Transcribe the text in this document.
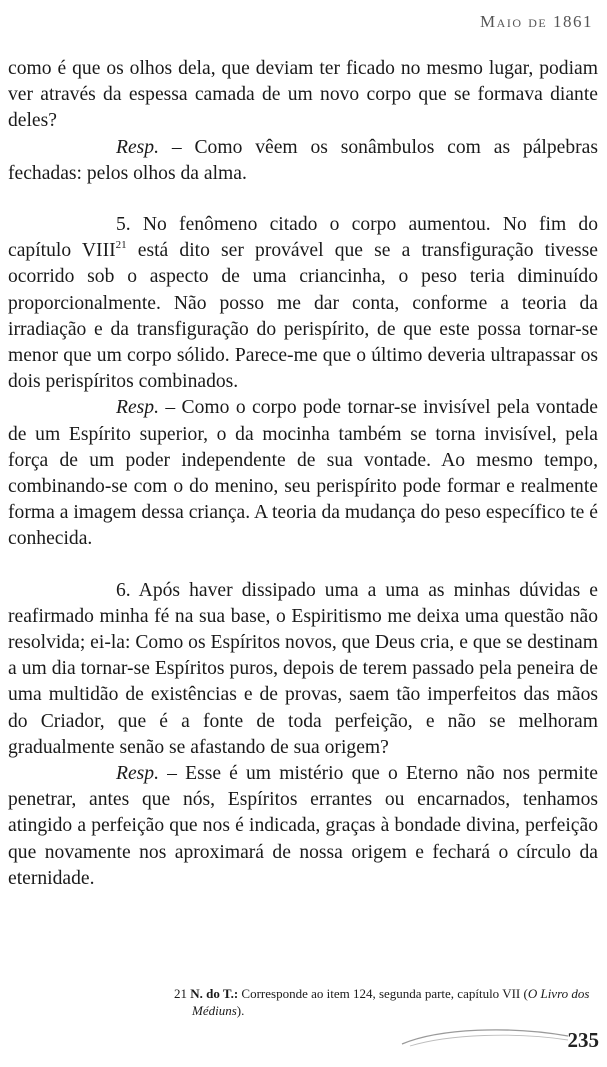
Maio de 1861

como é que os olhos dela, que deviam ter ficado no mesmo lugar, podiam ver através da espessa camada de um novo corpo que se formava diante deles?

Resp. – Como vêem os sonâmbulos com as pálpebras fechadas: pelos olhos da alma.

5. No fenômeno citado o corpo aumentou. No fim do capítulo VIII$^{21}$ está dito ser provável que se a transfiguração tivesse ocorrido sob o aspecto de uma criancinha, o peso teria diminuído proporcionalmente. Não posso me dar conta, conforme a teoria da irradiação e da transfiguração do perispírito, de que este possa tornar-se menor que um corpo sólido. Parece-me que o último deveria ultrapassar os dois perispíritos combinados.

Resp. – Como o corpo pode tornar-se invisível pela vontade de um Espírito superior, o da mocinha também se torna invisível, pela força de um poder independente de sua vontade. Ao mesmo tempo, combinando-se com o do menino, seu perispírito pode formar e realmente forma a imagem dessa criança. A teoria da mudança do peso específico te é conhecida.

6. Após haver dissipado uma a uma as minhas dúvidas e reafirmado minha fé na sua base, o Espiritismo me deixa uma questão não resolvida; ei-la: Como os Espíritos novos, que Deus cria, e que se destinam a um dia tornar-se Espíritos puros, depois de terem passado pela peneira de uma multidão de existências e de provas, saem tão imperfeitos das mãos do Criador, que é a fonte de toda perfeição, e não se melhoram gradualmente senão se afastando de sua origem?

Resp. – Esse é um mistério que o Eterno não nos permite penetrar, antes que nós, Espíritos errantes ou encarnados, tenhamos atingido a perfeição que nos é indicada, graças à bondade divina, perfeição que novamente nos aproximará de nossa origem e fechará o círculo da eternidade.

21 N. do T.: Corresponde ao item 124, segunda parte, capítulo VII (O Livro dos Médiuns).
235
